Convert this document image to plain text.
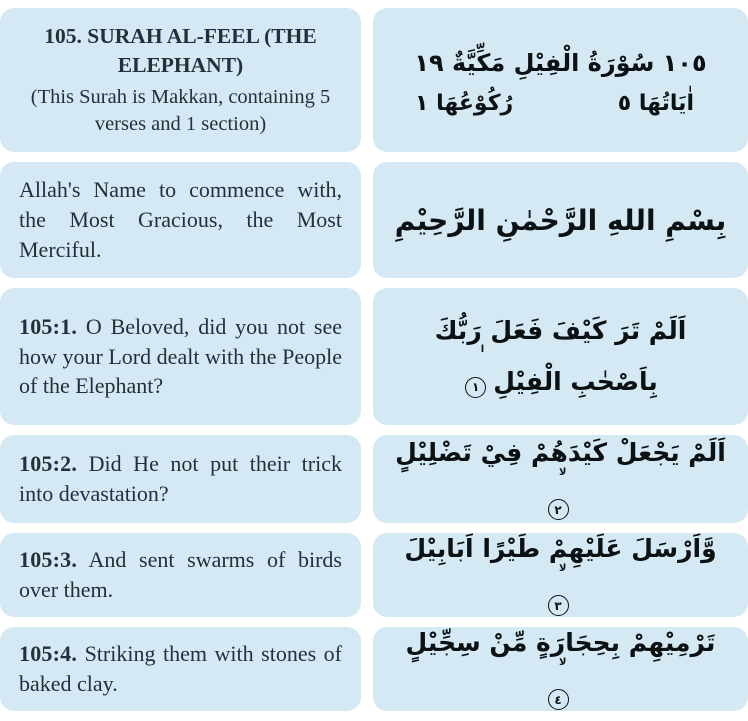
105. SURAH AL-FEEL (THE ELEPHANT)
(This Surah is Makkan, containing 5 verses and 1 section)
١٠٥ سُوْرَةُ الْفِيْلِ مَكِّيَّةٌ ١٩
اٰيَاتُهَا ٥
رُكُوْعُهَا ١
Allah's Name to commence with, the Most Gracious, the Most Merciful.
بِسْمِ اللهِ الرَّحْمٰنِ الرَّحِيْمِ
105:1. O Beloved, did you not see how your Lord dealt with the People of the Elephant?
اَلَمْ تَرَ كَيْفَ فَعَلَ رَبُّكَ بِاَصْحٰبِ الْفِيْلِ
ا
١
105:2. Did He not put their trick into devastation?
اَلَمْ يَجْعَلْ كَيْدَهُمْ فِيْ تَضْلِيْلٍ
لا
٢
105:3. And sent swarms of birds over them.
وَّاَرْسَلَ عَلَيْهِمْ طَيْرًا اَبَابِيْلَ
لا
٣
105:4. Striking them with stones of baked clay.
تَرْمِيْهِمْ بِحِجَارَةٍ مِّنْ سِجِّيْلٍ
لا
٤
